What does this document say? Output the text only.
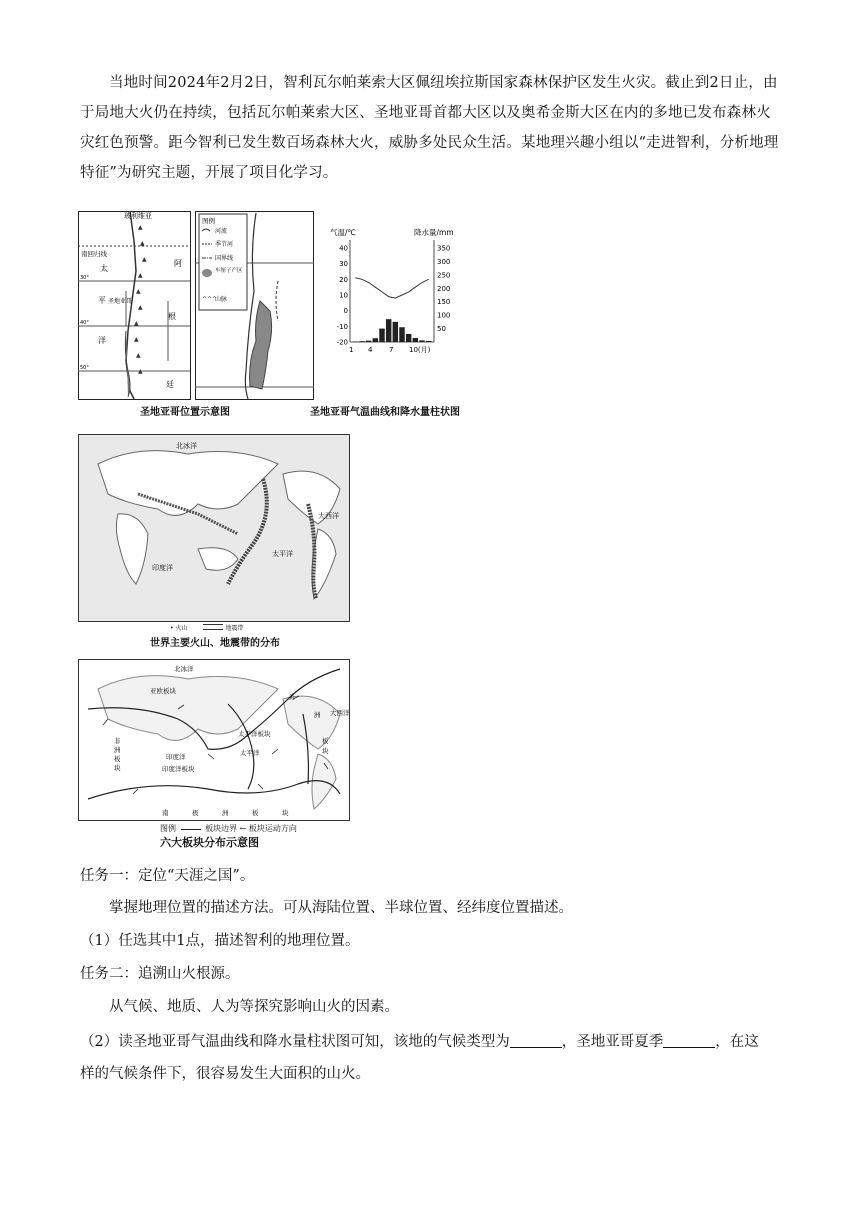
当地时间2024年2月2日，智利瓦尔帕莱索大区佩纽埃拉斯国家森林保护区发生火灾。截止到2日止，由于局地大火仍在持续，包括瓦尔帕莱索大区、圣地亚哥首都大区以及奥希金斯大区在内的多地已发布森林火灾红色预警。距今智利已发生数百场森林大火，威胁多处民众生活。某地理兴趣小组以“走进智利，分析地理特征”为研究主题，开展了项目化学习。
▲
▲
▲
▲
▲
▲
▲
▲
▲
▲
玻利维亚
南回归线
太
平 圣地亚哥
洋
阿
根
廷
30°
40°
50°
图例
河流
季节河
国界线
车厘子产区
^^^
山脉
气温/℃	降水量/mm
40
30
20
10
0
-10
-20
350
300
250
200
150
100
50
1 4 7 10(月)
圣地亚哥位置示意图	圣地亚哥气温曲线和降水量柱状图
北冰洋
大西洋
太平洋
印度洋
• 火山	地震带
世界主要火山、地震带的分布
北冰洋
亚欧板块
非
洲
板
块
太平洋板块
太平洋
印度洋
印度洋板块
大西洋
美
洲
板
块
南	极	洲	板	块
图例	板块边界 ← 板块运动方向
六大板块分布示意图
任务一：定位“天涯之国”。
掌握地理位置的描述方法。可从海陆位置、半球位置、经纬度位置描述。
（1）任选其中1点，描述智利的地理位置。
任务二：追溯山火根源。
从气候、地质、人为等探究影响山火的因素。
（2）读圣地亚哥气温曲线和降水量柱状图可知，该地的气候类型为	，圣地亚哥夏季	，在这
样的气候条件下，很容易发生大面积的山火。
